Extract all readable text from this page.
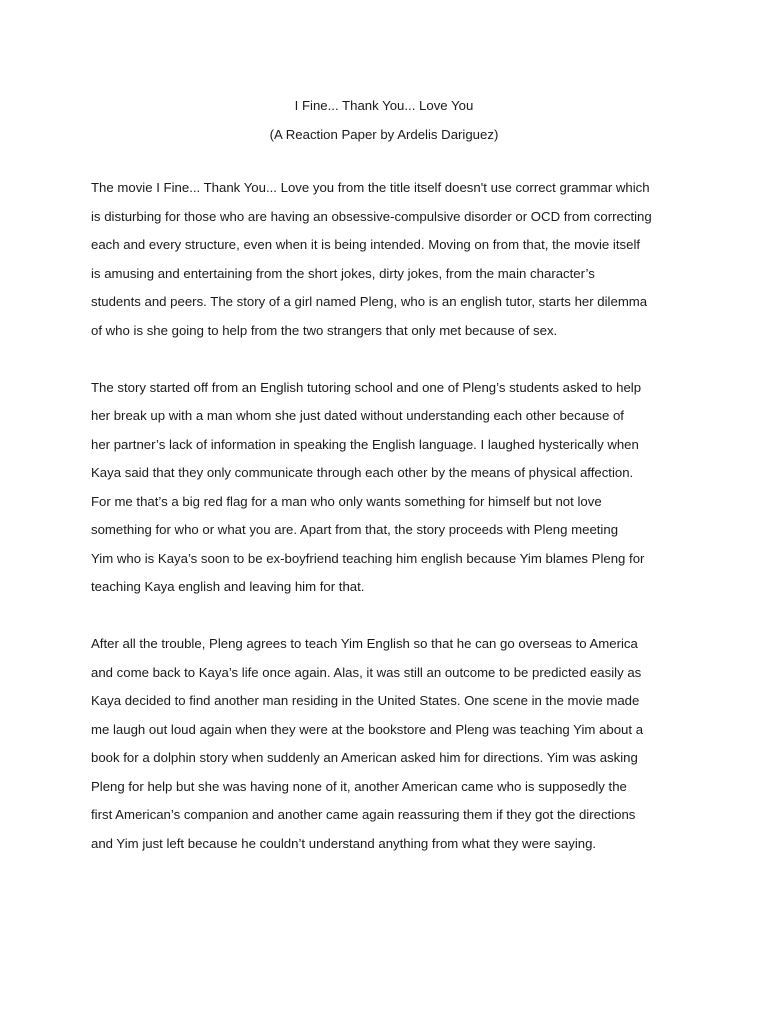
I Fine... Thank You... Love You
(A Reaction Paper by Ardelis Dariguez)
The movie I Fine... Thank You... Love you from the title itself doesn't use correct grammar which
is disturbing for those who are having an obsessive-compulsive disorder or OCD from correcting
each and every structure, even when it is being intended. Moving on from that, the movie itself
is amusing and entertaining from the short jokes, dirty jokes, from the main character’s
students and peers. The story of a girl named Pleng, who is an english tutor, starts her dilemma
of who is she going to help from the two strangers that only met because of sex.
The story started off from an English tutoring school and one of Pleng’s students asked to help
her break up with a man whom she just dated without understanding each other because of
her partner’s lack of information in speaking the English language. I laughed hysterically when
Kaya said that they only communicate through each other by the means of physical affection.
For me that’s a big red flag for a man who only wants something for himself but not love
something for who or what you are. Apart from that, the story proceeds with Pleng meeting
Yim who is Kaya’s soon to be ex-boyfriend teaching him english because Yim blames Pleng for
teaching Kaya english and leaving him for that.
After all the trouble, Pleng agrees to teach Yim English so that he can go overseas to America
and come back to Kaya’s life once again. Alas, it was still an outcome to be predicted easily as
Kaya decided to find another man residing in the United States. One scene in the movie made
me laugh out loud again when they were at the bookstore and Pleng was teaching Yim about a
book for a dolphin story when suddenly an American asked him for directions. Yim was asking
Pleng for help but she was having none of it, another American came who is supposedly the
first American’s companion and another came again reassuring them if they got the directions
and Yim just left because he couldn’t understand anything from what they were saying.
